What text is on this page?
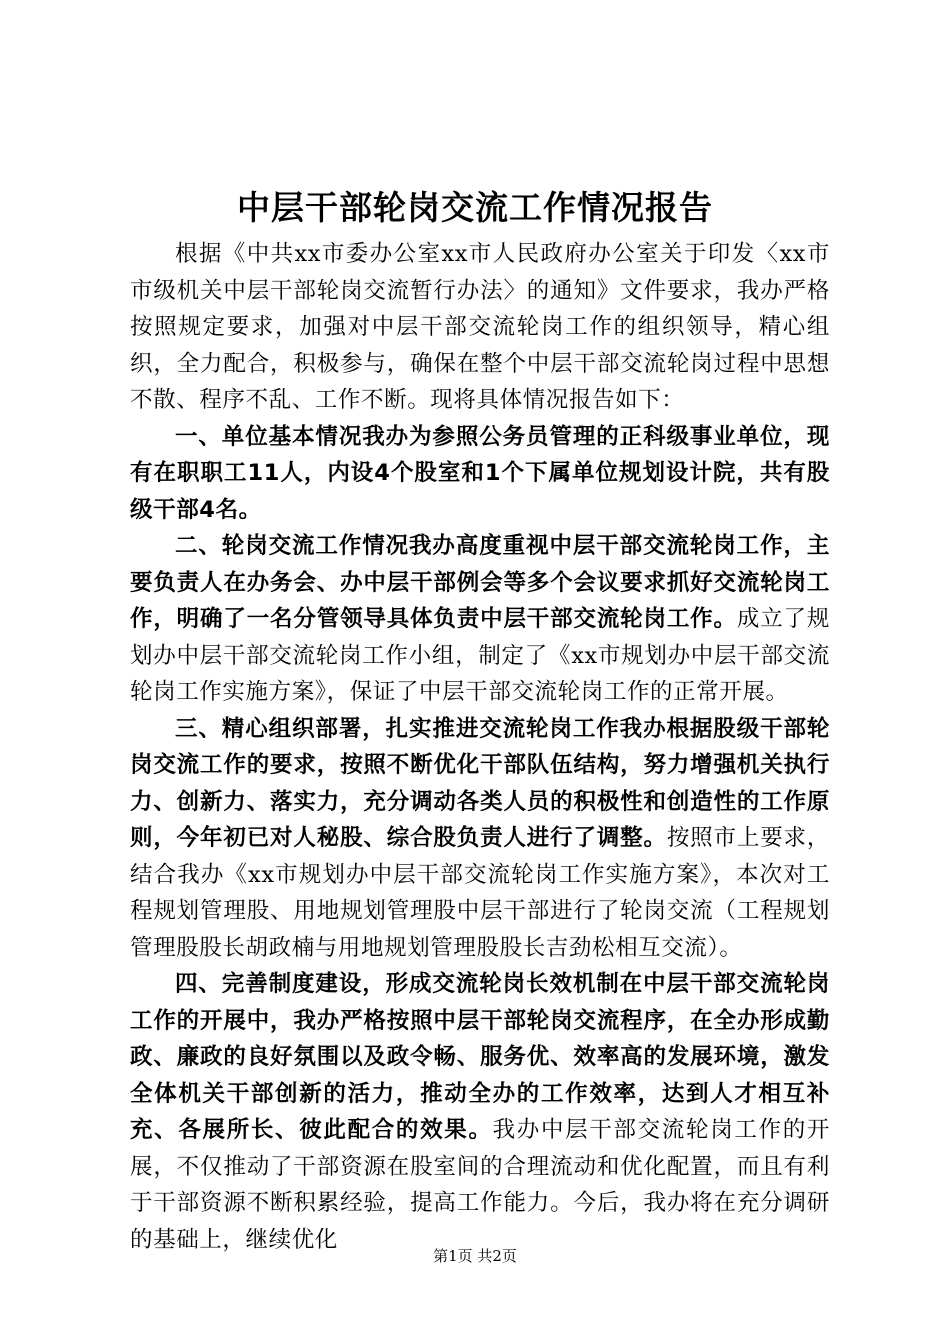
中层干部轮岗交流工作情况报告

根据《中共xx市委办公室xx市人民政府办公室关于印发〈xx市市级机关中层干部轮岗交流暂行办法〉的通知》文件要求，我办严格按照规定要求，加强对中层干部交流轮岗工作的组织领导，精心组织，全力配合，积极参与，确保在整个中层干部交流轮岗过程中思想不散、程序不乱、工作不断。现将具体情况报告如下：

一、单位基本情况我办为参照公务员管理的正科级事业单位，现有在职职工11人，内设4个股室和1个下属单位规划设计院，共有股级干部4名。

二、轮岗交流工作情况我办高度重视中层干部交流轮岗工作，主要负责人在办务会、办中层干部例会等多个会议要求抓好交流轮岗工作，明确了一名分管领导具体负责中层干部交流轮岗工作。成立了规划办中层干部交流轮岗工作小组，制定了《xx市规划办中层干部交流轮岗工作实施方案》，保证了中层干部交流轮岗工作的正常开展。

三、精心组织部署，扎实推进交流轮岗工作我办根据股级干部轮岗交流工作的要求，按照不断优化干部队伍结构，努力增强机关执行力、创新力、落实力，充分调动各类人员的积极性和创造性的工作原则，今年初已对人秘股、综合股负责人进行了调整。按照市上要求，结合我办《xx市规划办中层干部交流轮岗工作实施方案》，本次对工程规划管理股、用地规划管理股中层干部进行了轮岗交流（工程规划管理股股长胡政楠与用地规划管理股股长吉劲松相互交流）。

四、完善制度建设，形成交流轮岗长效机制在中层干部交流轮岗工作的开展中，我办严格按照中层干部轮岗交流程序，在全办形成勤政、廉政的良好氛围以及政令畅、服务优、效率高的发展环境，激发全体机关干部创新的活力，推动全办的工作效率，达到人才相互补充、各展所长、彼此配合的效果。我办中层干部交流轮岗工作的开展，不仅推动了干部资源在股室间的合理流动和优化配置，而且有利于干部资源不断积累经验，提高工作能力。今后，我办将在充分调研的基础上，继续优化

第1页 共2页
